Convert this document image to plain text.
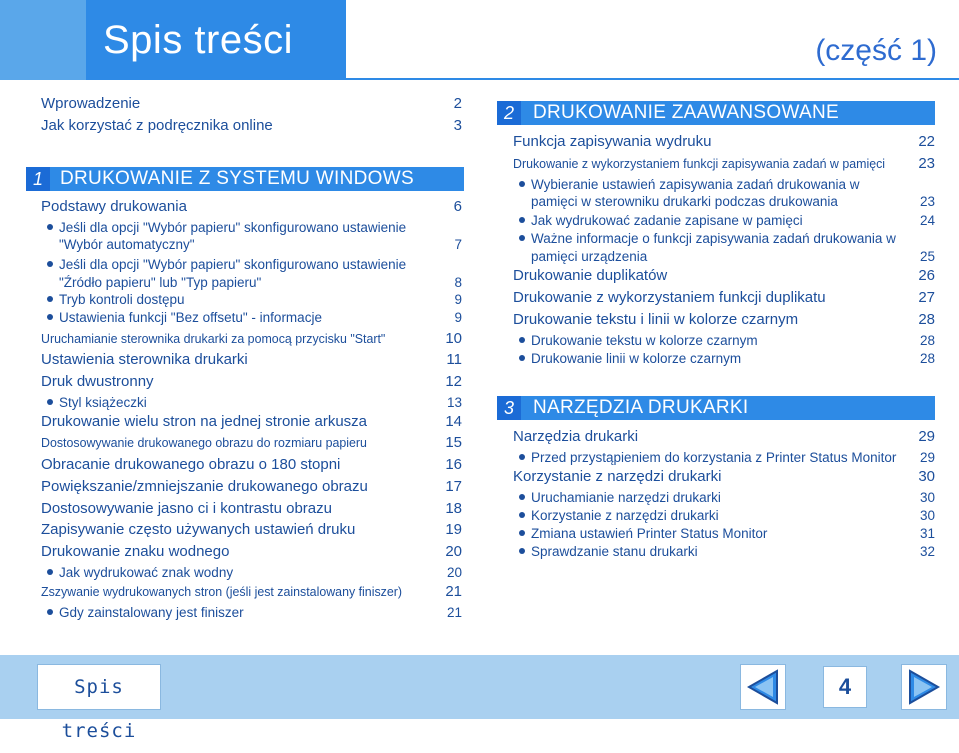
Spis treści	(część 1)
Wprowadzenie	2
Jak korzystać z podręcznika online	3
1 DRUKOWANIE Z SYSTEMU WINDOWS
Podstawy drukowania	6
Jeśli dla opcji "Wybór papieru" skonfigurowano ustawienie
"Wybór automatyczny"	7
Jeśli dla opcji "Wybór papieru" skonfigurowano ustawienie
"Źródło papieru" lub "Typ papieru"	8
Tryb kontroli dostępu	9
Ustawienia funkcji "Bez offsetu" - informacje	9
Uruchamianie sterownika drukarki za pomocą przycisku "Start"	10
Ustawienia sterownika drukarki	11
Druk dwustronny	12
Styl książeczki	13
Drukowanie wielu stron na jednej stronie arkusza	14
Dostosowywanie drukowanego obrazu do rozmiaru papieru	15
Obracanie drukowanego obrazu o 180 stopni	16
Powiększanie/zmniejszanie drukowanego obrazu	17
Dostosowywanie jasno ci i kontrastu obrazu	18
Zapisywanie często używanych ustawień druku	19
Drukowanie znaku wodnego	20
Jak wydrukować znak wodny	20
Zszywanie wydrukowanych stron (jeśli jest zainstalowany finiszer)	21
Gdy zainstalowany jest finiszer	21
2	DRUKOWANIE ZAAWANSOWANE
Funkcja zapisywania wydruku	22
Drukowanie z wykorzystaniem funkcji zapisywania zadań w pamięci	23
Wybieranie ustawień zapisywania zadań drukowania w
pamięci w sterowniku drukarki podczas drukowania	23
Jak wydrukować zadanie zapisane w pamięci	24
Ważne informacje o funkcji zapisywania zadań drukowania w
pamięci urządzenia	25
Drukowanie duplikatów	26
Drukowanie z wykorzystaniem funkcji duplikatu	27
Drukowanie tekstu i linii w kolorze czarnym	28
Drukowanie tekstu w kolorze czarnym	28
Drukowanie linii w kolorze czarnym	28
3	NARZĘDZIA DRUKARKI
Narzędzia drukarki	29
Przed przystąpieniem do korzystania z Printer Status Monitor	29
Korzystanie z narzędzi drukarki	30
Uruchamianie narzędzi drukarki	30
Korzystanie z narzędzi drukarki	30
Zmiana ustawień Printer Status Monitor	31
Sprawdzanie stanu drukarki	32
Spis treści
4
